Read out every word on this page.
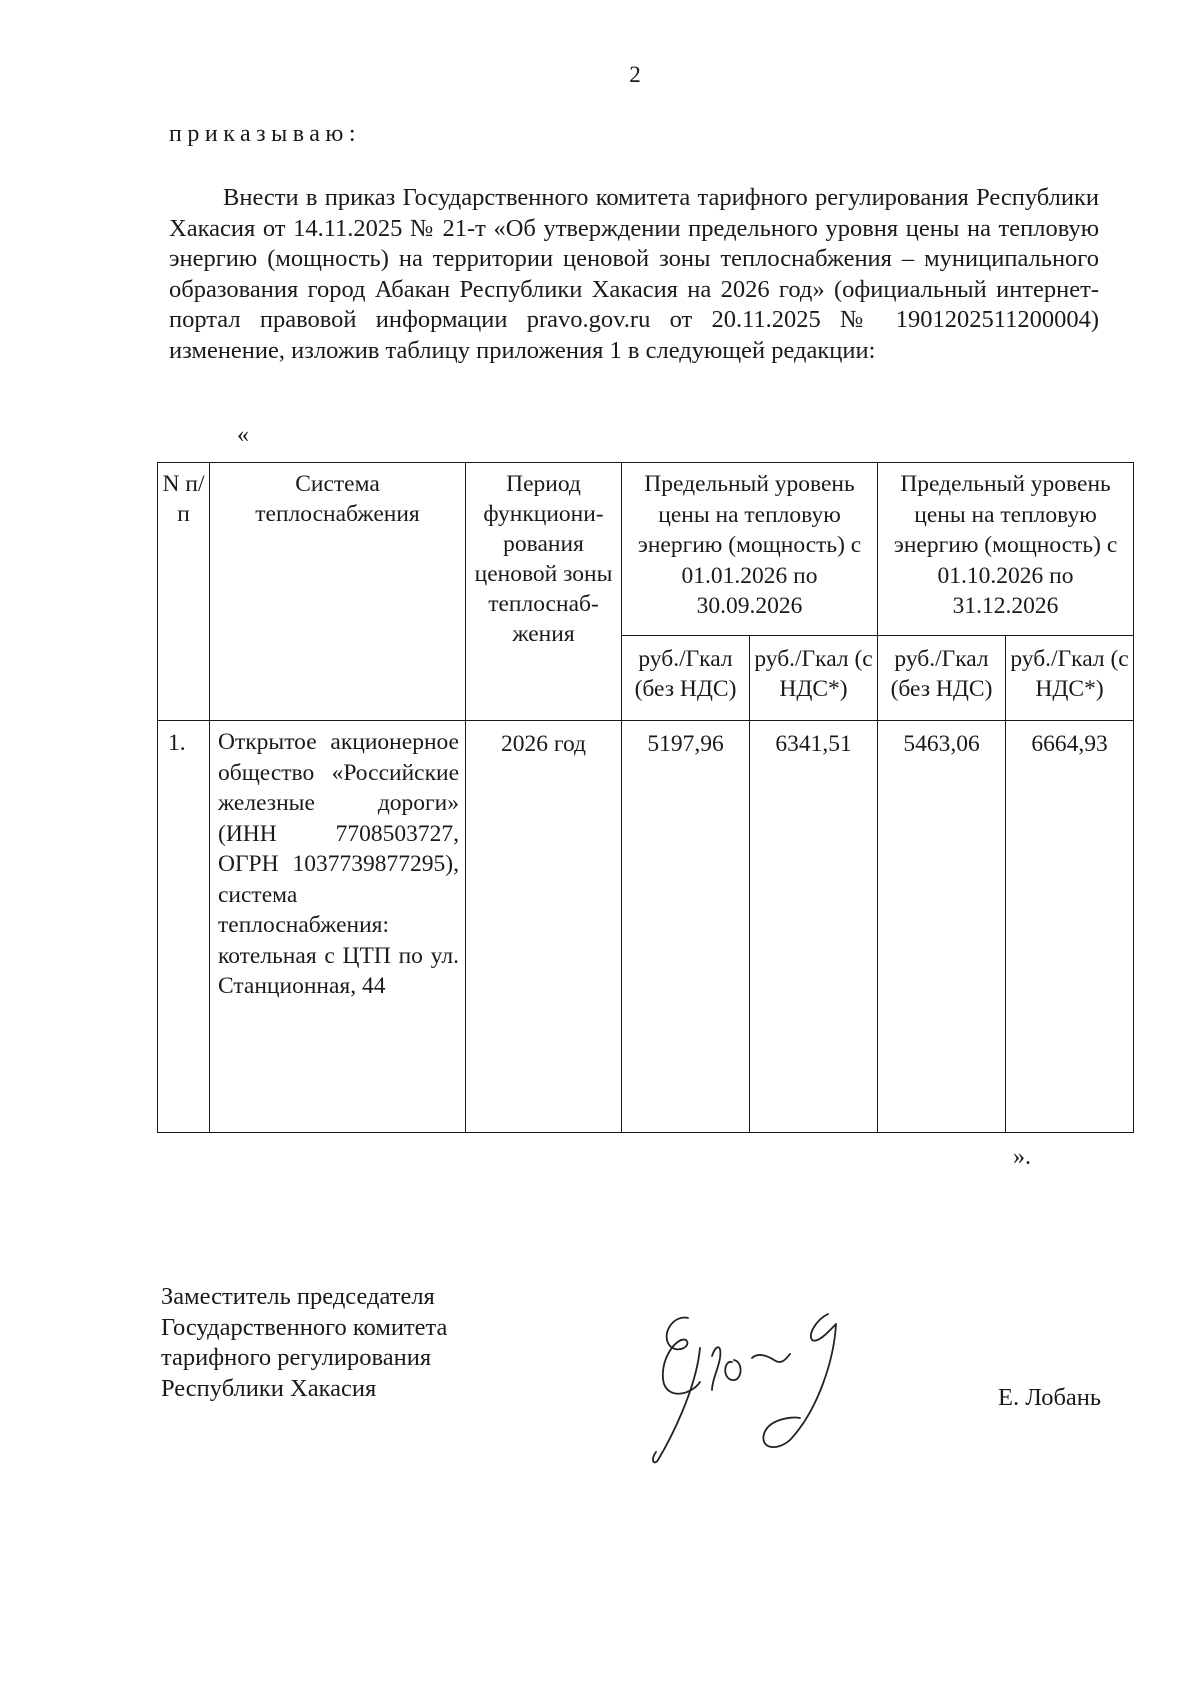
2
приказываю:

Внести в приказ Государственного комитета тарифного регулирования Республики Хакасия от 14.11.2025 № 21-т «Об утверждении предельного уровня цены на тепловую энергию (мощность) на территории ценовой зоны теплоснабжения – муниципального образования город Абакан Республики Хакасия на 2026 год» (официальный интернет-портал правовой информации pravo.gov.ru от 20.11.2025 № 1901202511200004) изменение, изложив таблицу приложения 1 в следующей редакции:

«
N п/п	Система теплоснабжения	Период функциони-рования ценовой зоны теплоснаб-жения	Предельный уровень цены на тепловую энергию (мощность) с 01.01.2026 по 30.09.2026		Предельный уровень цены на тепловую энергию (мощность) с 01.10.2026 по 31.12.2026	
			руб./Гкал (без НДС)	руб./Гкал (с НДС*)	руб./Гкал (без НДС)	руб./Гкал (с НДС*)
1.	Открытое акционерное общество «Российские железные дороги» (ИНН 7708503727, ОГРН 1037739877295), система теплоснабжения: котельная с ЦТП по ул. Станционная, 44	2026 год	5197,96	6341,51	5463,06	6664,93
».
Заместитель председателя
Государственного комитета
тарифного регулирования
Республики Хакасия	Е. Лобань
